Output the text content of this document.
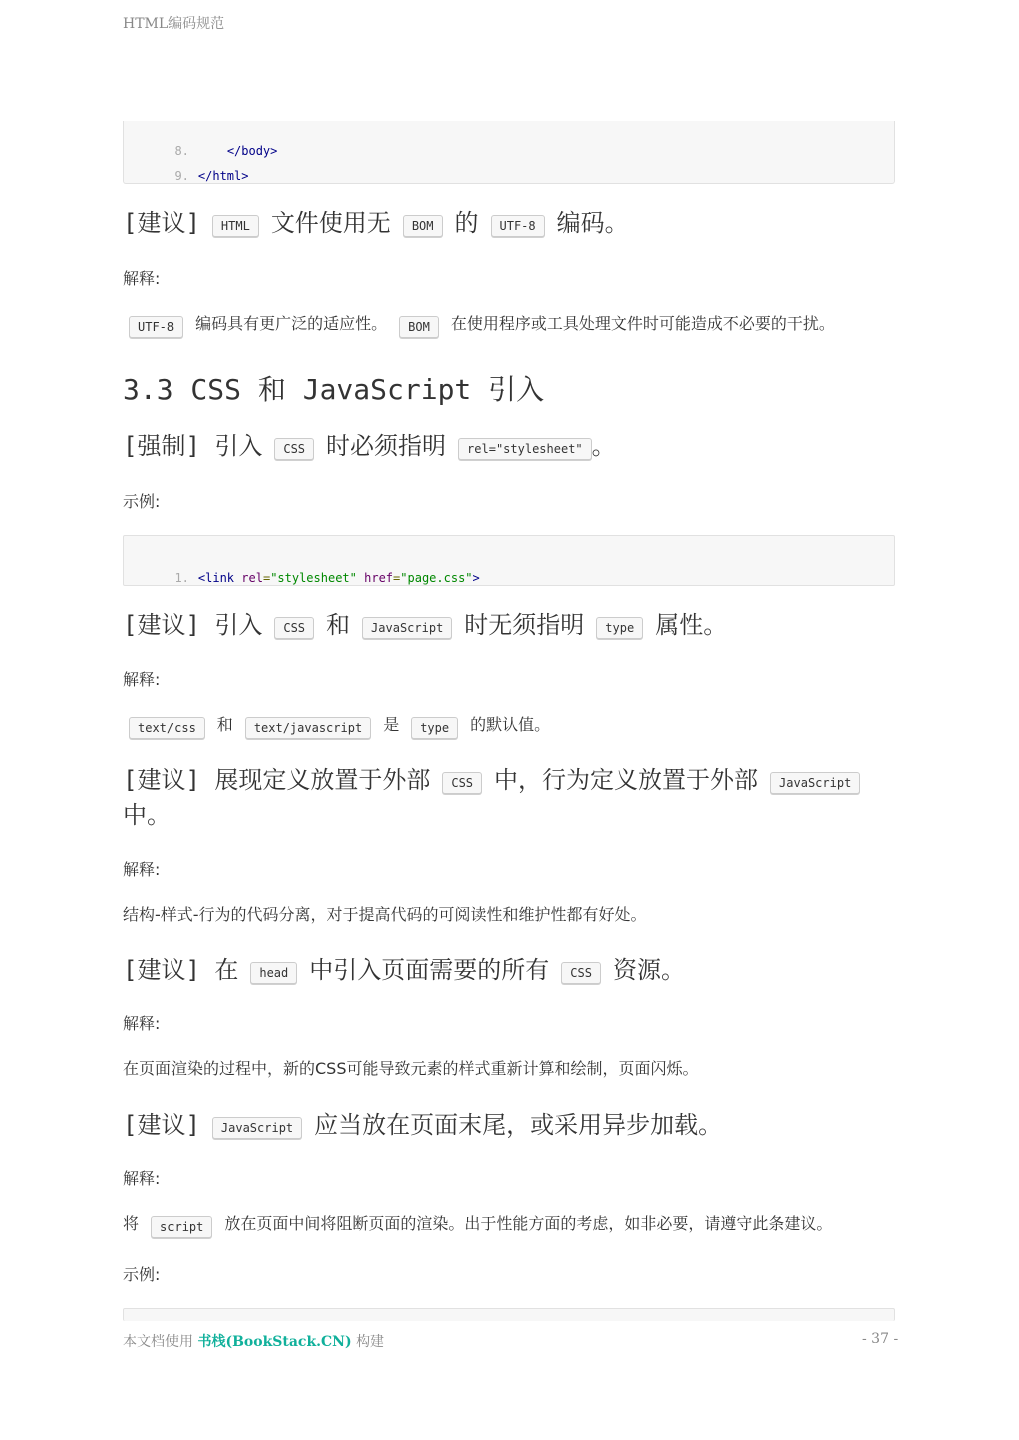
HTML编码规范

8.	</body>

9. </html>

[建议] HTML 文件使用无 BOM 的 UTF-8 编码。
解释:
UTF-8 编码具有更广泛的适应性。 BOM 在使用程序或工具处理文件时可能造成不必要的干扰。
3.3 CSS 和 JavaScript 引入
[强制] 引入 CSS 时必须指明 rel="stylesheet" 。
示例:

1. <link rel="stylesheet" href="page.css">

[建议] 引入 CSS 和 JavaScript 时无须指明 type 属性。
解释:
text/css 和 text/javascript 是 type 的默认值。
[建议] 展现定义放置于外部 CSS 中，行为定义放置于外部 JavaScript
中。
解释:
结构-样式-行为的代码分离，对于提高代码的可阅读性和维护性都有好处。
[建议] 在 head 中引入页面需要的所有 CSS 资源。
解释:
在页面渲染的过程中，新的CSS可能导致元素的样式重新计算和绘制，页面闪烁。
[建议] JavaScript 应当放在页面末尾，或采用异步加载。
解释:
将 script 放在页面中间将阻断页面的渲染。出于性能方面的考虑，如非必要，请遵守此条建议。
示例:
本文档使用 书栈(BookStack.CN) 构建	- 37 -
